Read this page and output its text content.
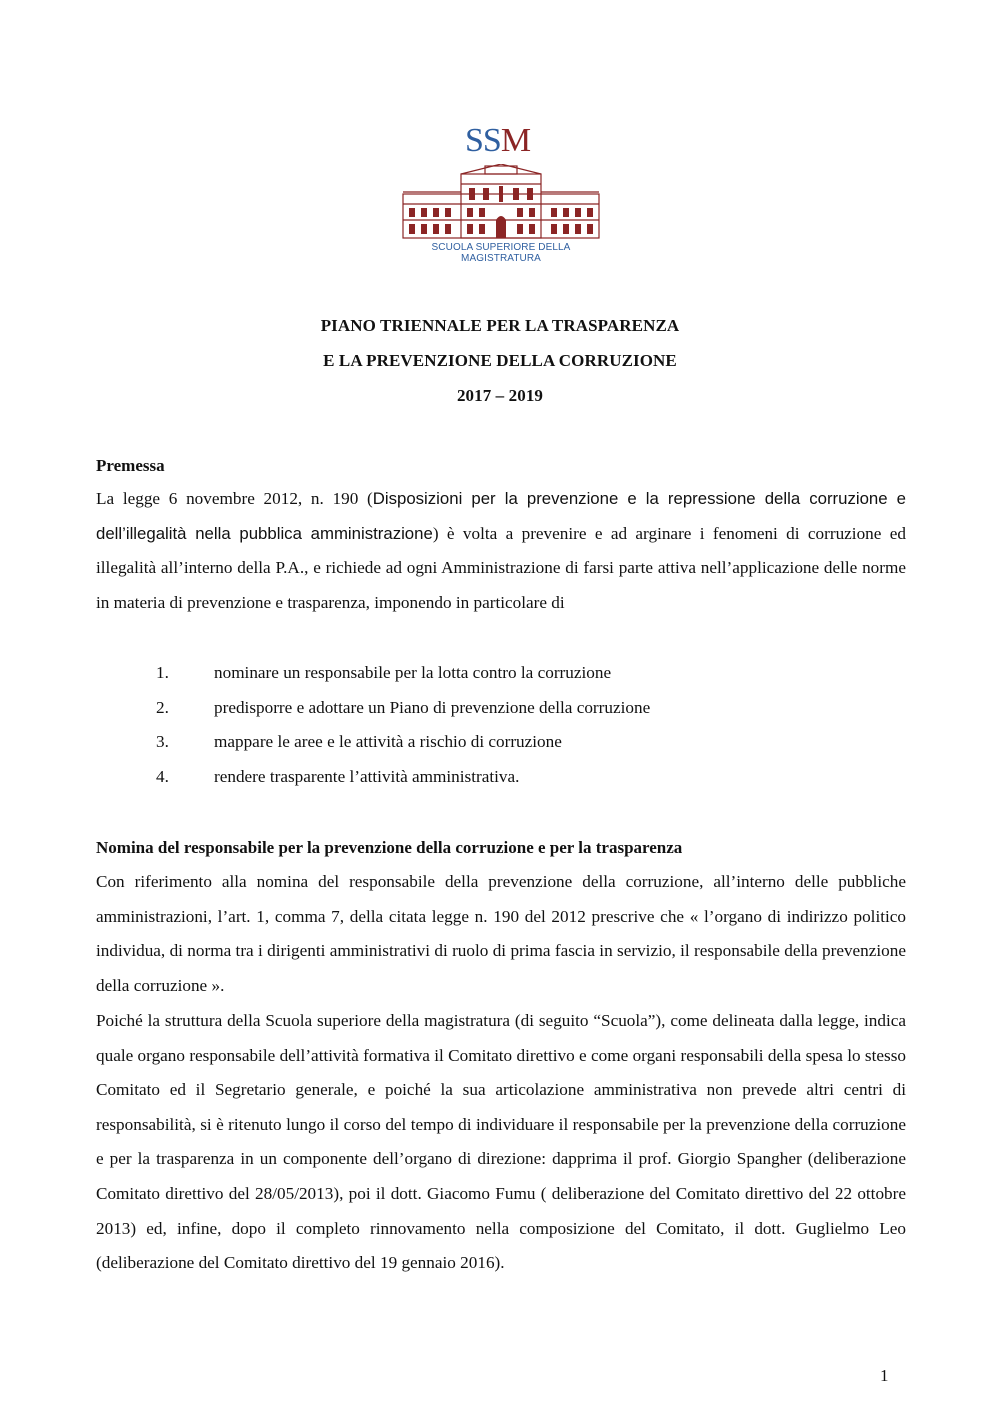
SSM
SCUOLA SUPERIORE DELLA MAGISTRATURA
PIANO TRIENNALE PER LA TRASPARENZA
E LA PREVENZIONE DELLA CORRUZIONE
2017 – 2019
Premessa

La legge 6 novembre 2012, n. 190 (Disposizioni per la prevenzione e la repressione della corruzione e dell’illegalità nella pubblica amministrazione) è volta a prevenire e ad arginare i fenomeni di corruzione ed illegalità all’interno della P.A., e richiede ad ogni Amministrazione di farsi parte attiva nell’applicazione delle norme in materia di prevenzione e trasparenza, imponendo in particolare di

1.	nominare un responsabile per la lotta contro la corruzione
2.	predisporre e adottare un Piano di prevenzione della corruzione
3.	mappare le aree e le attività a rischio di corruzione
4.	rendere trasparente l’attività amministrativa.
Nomina del responsabile per la prevenzione della corruzione e per la trasparenza

Con riferimento alla nomina del responsabile della prevenzione della corruzione, all’interno delle pubbliche amministrazioni, l’art. 1, comma 7, della citata legge n. 190 del 2012 prescrive che « l’organo di indirizzo politico individua, di norma tra i dirigenti amministrativi di ruolo di prima fascia in servizio, il responsabile della prevenzione della corruzione ».

Poiché la struttura della Scuola superiore della magistratura (di seguito “Scuola”), come delineata dalla legge, indica quale organo responsabile dell’attività formativa il Comitato direttivo e come organi responsabili della spesa lo stesso Comitato ed il Segretario generale, e poiché la sua articolazione amministrativa non prevede altri centri di responsabilità, si è ritenuto lungo il corso del tempo di individuare il responsabile per la prevenzione della corruzione e per la trasparenza in un componente dell’organo di direzione: dapprima il prof. Giorgio Spangher (deliberazione Comitato direttivo del 28/05/2013), poi il dott. Giacomo Fumu ( deliberazione del Comitato direttivo del 22 ottobre 2013) ed, infine, dopo il completo rinnovamento nella composizione del Comitato, il dott. Guglielmo Leo (deliberazione del Comitato direttivo del 19 gennaio 2016).

1
